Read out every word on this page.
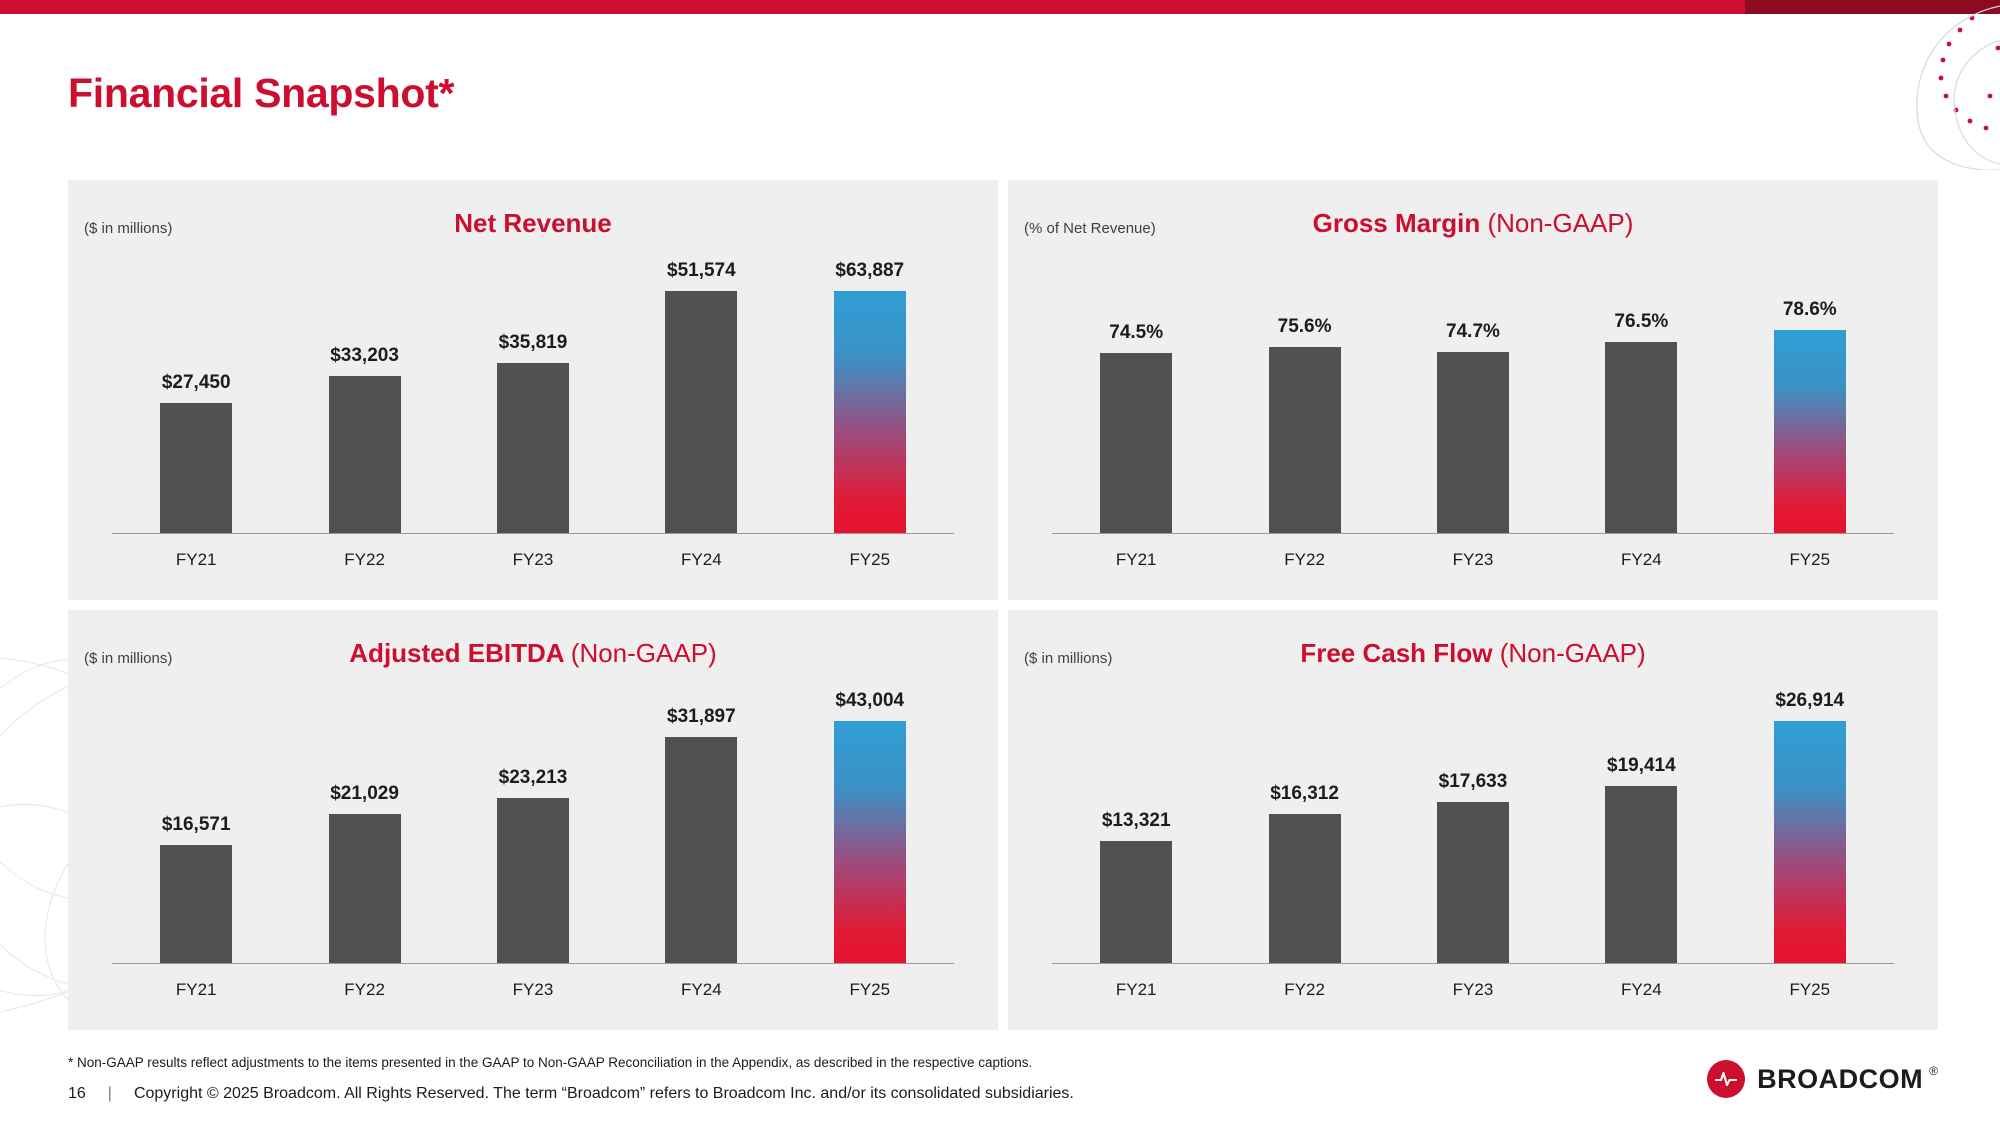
Financial Snapshot*
($ in millions)	Net Revenue
$27,450
$33,203
$35,819
$51,574	$63,887
FY21	FY22	FY23	FY24	FY25
(% of Net Revenue)	Gross Margin (Non-GAAP)
74.5%	75.6%	74.7%	76.5%
78.6%
FY21	FY22	FY23	FY24	FY25
($ in millions)	Adjusted EBITDA (Non-GAAP)
$16,571
$21,029
$23,213
$31,897
$43,004
FY21	FY22	FY23	FY24	FY25
($ in millions)	Free Cash Flow (Non-GAAP)
$13,321
$16,312
$17,633
$19,414
$26,914
FY21	FY22	FY23	FY24	FY25
* Non-GAAP results reflect adjustments to the items presented in the GAAP to Non-GAAP Reconciliation in the Appendix, as described in the respective captions.
16 | Copyright © 2025 Broadcom. All Rights Reserved. The term “Broadcom” refers to Broadcom Inc. and/or its consolidated subsidiaries.	BROADCOM ®
